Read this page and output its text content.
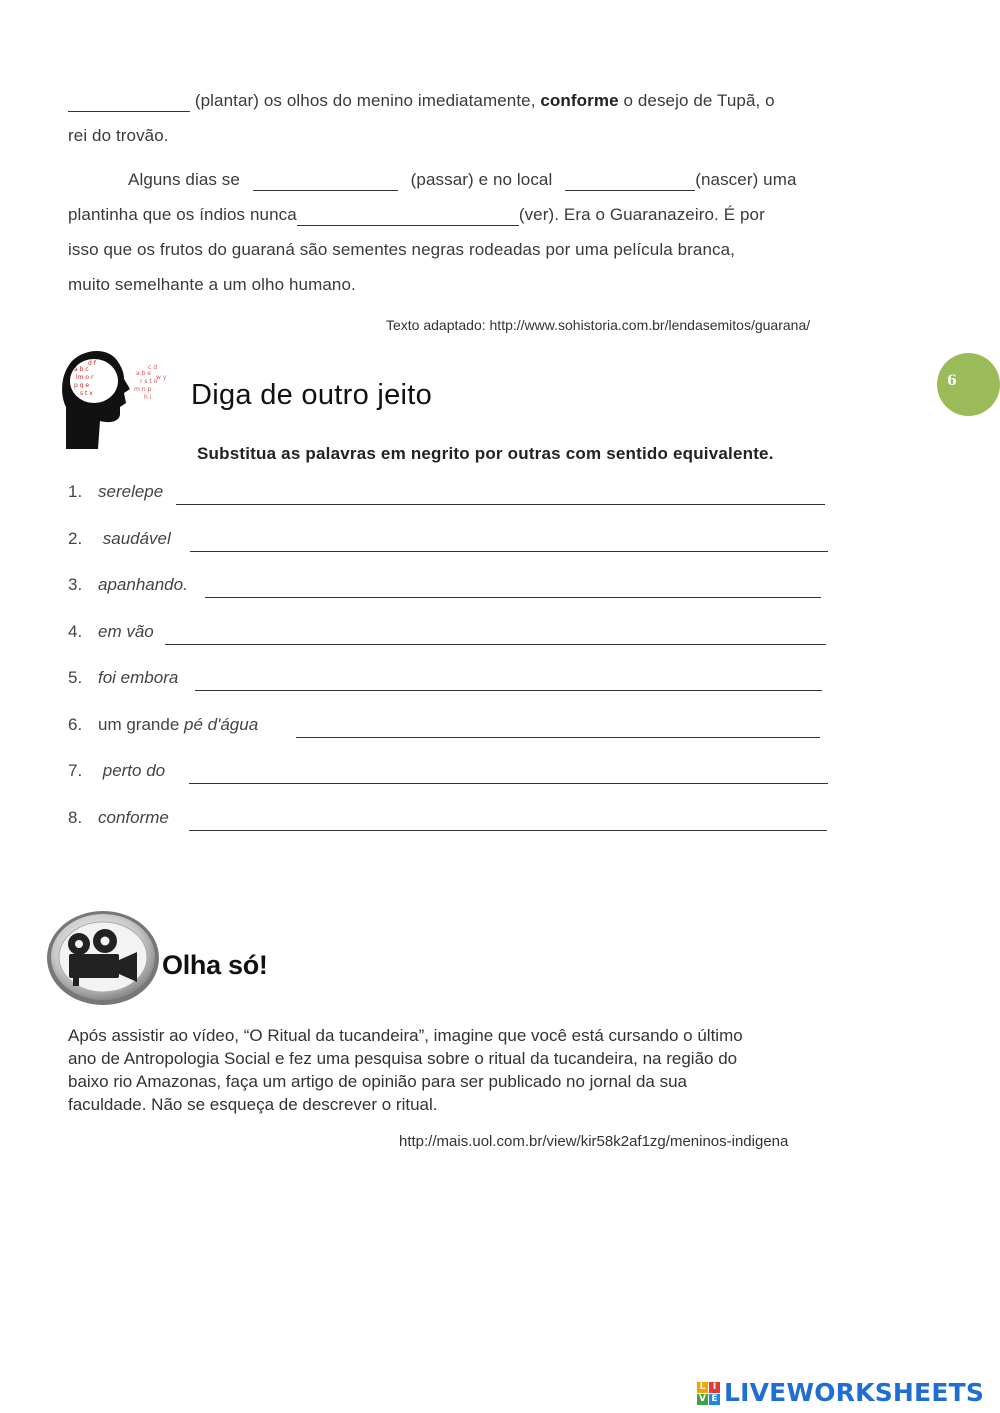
(plantar) os olhos do menino imediatamente, conforme o desejo de Tupã, o
rei do trovão.
Alguns dias se	(passar) e no local	(nascer) uma
plantinha que os índios nunca	(ver). Era o Guaranazeiro. É por
isso que os frutos do guaraná são sementes negras rodeadas por uma película branca,
muito semelhante a um olho humano.
Texto adaptado: http://www.sohistoria.com.br/lendasemitos/guarana/
6
a b c
lm o r
p q e
s t x
d f
a b e
r s t o
m n p
c d
w y
h i Diga de outro jeito
Substitua as palavras em negrito por outras com sentido equivalente.
1. serelepe
2. saudável
3. apanhando.
4. em vão
5. foi embora
6. um grande pé d'água
7. perto do
8. conforme
Olha só!
Após assistir ao vídeo, “O Ritual da tucandeira”, imagine que você está cursando o último
ano de Antropologia Social e fez uma pesquisa sobre o ritual da tucandeira, na região do
baixo rio Amazonas, faça um artigo de opinião para ser publicado no jornal da sua
faculdade. Não se esqueça de descrever o ritual.
http://mais.uol.com.br/view/kir58k2af1zg/meninos-indigena
L I
V E LIVEWORKSHEETS
